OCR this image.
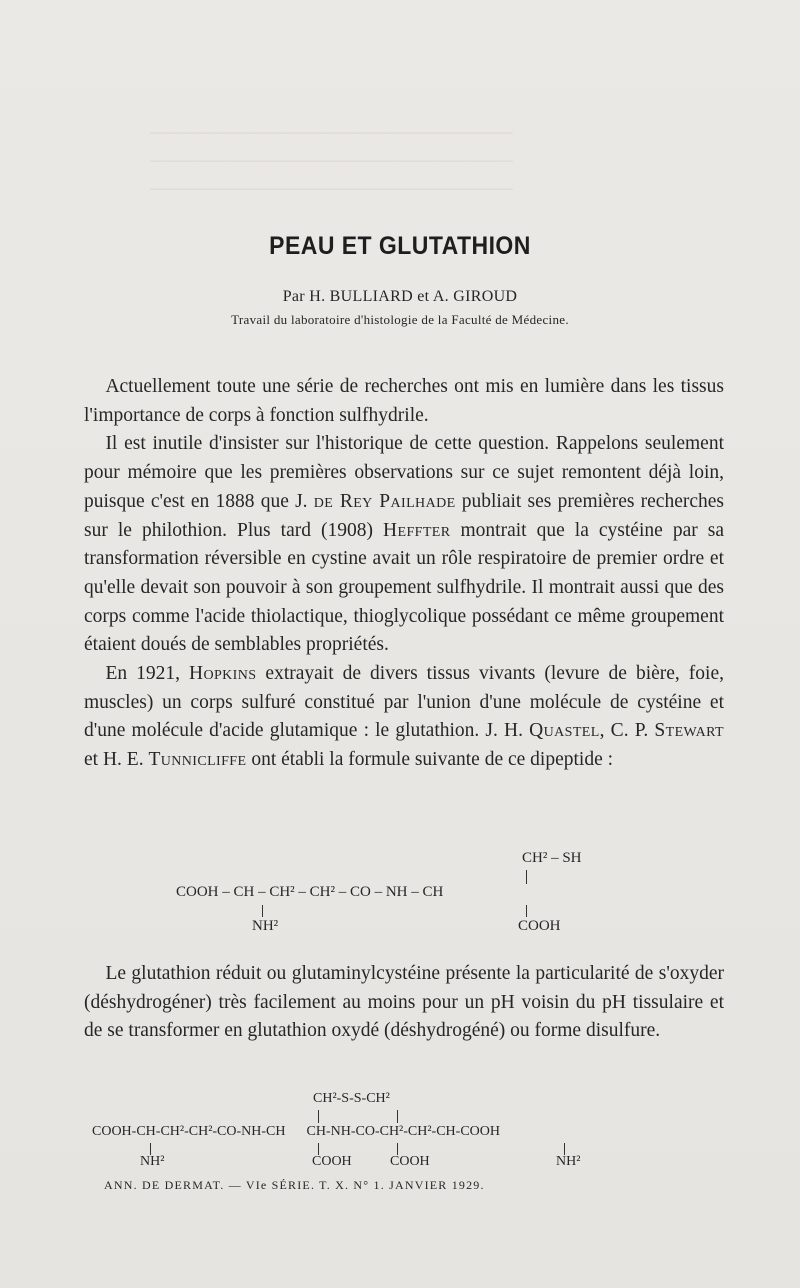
────────────────────────────────
────────────────────────────────
────────────────────────────────
PEAU ET GLUTATHION
Par H. BULLIARD et A. GIROUD
Travail du laboratoire d'histologie de la Faculté de Médecine.

Actuellement toute une série de recherches ont mis en lumière dans les tissus l'importance de corps à fonction sulfhydrile.

Il est inutile d'insister sur l'historique de cette question. Rappelons seulement pour mémoire que les premières observations sur ce sujet remontent déjà loin, puisque c'est en 1888 que J. de Rey Pailhade publiait ses premières recherches sur le philothion. Plus tard (1908) Heffter montrait que la cystéine par sa transformation réversible en cystine avait un rôle respiratoire de premier ordre et qu'elle devait son pouvoir à son groupement sulfhydrile. Il montrait aussi que des corps comme l'acide thiolactique, thioglycolique possédant ce même groupement étaient doués de semblables propriétés.

En 1921, Hopkins extrayait de divers tissus vivants (levure de bière, foie, muscles) un corps sulfuré constitué par l'union d'une molécule de cystéine et d'une molécule d'acide glutamique : le glutathion. J. H. Quastel, C. P. Stewart et H. E. Tunnicliffe ont établi la formule suivante de ce dipeptide :

CH² – SH
COOH – CH – CH² – CH² – CO – NH – CH
NH²	COOH

Le glutathion réduit ou glutaminylcystéine présente la particularité de s'oxyder (déshydrogéner) très facilement au moins pour un pH voisin du pH tissulaire et de se transformer en glutathion oxydé (déshydrogéné) ou forme disulfure.

CH²-S-S-CH²
COOH-CH-CH²-CH²-CO-NH-CH      CH-NH-CO-CH²-CH²-CH-COOH
NH²	COOH	COOH	NH²
ANN. DE DERMAT. — VIe SÉRIE. T. X. N° 1. JANVIER 1929.
